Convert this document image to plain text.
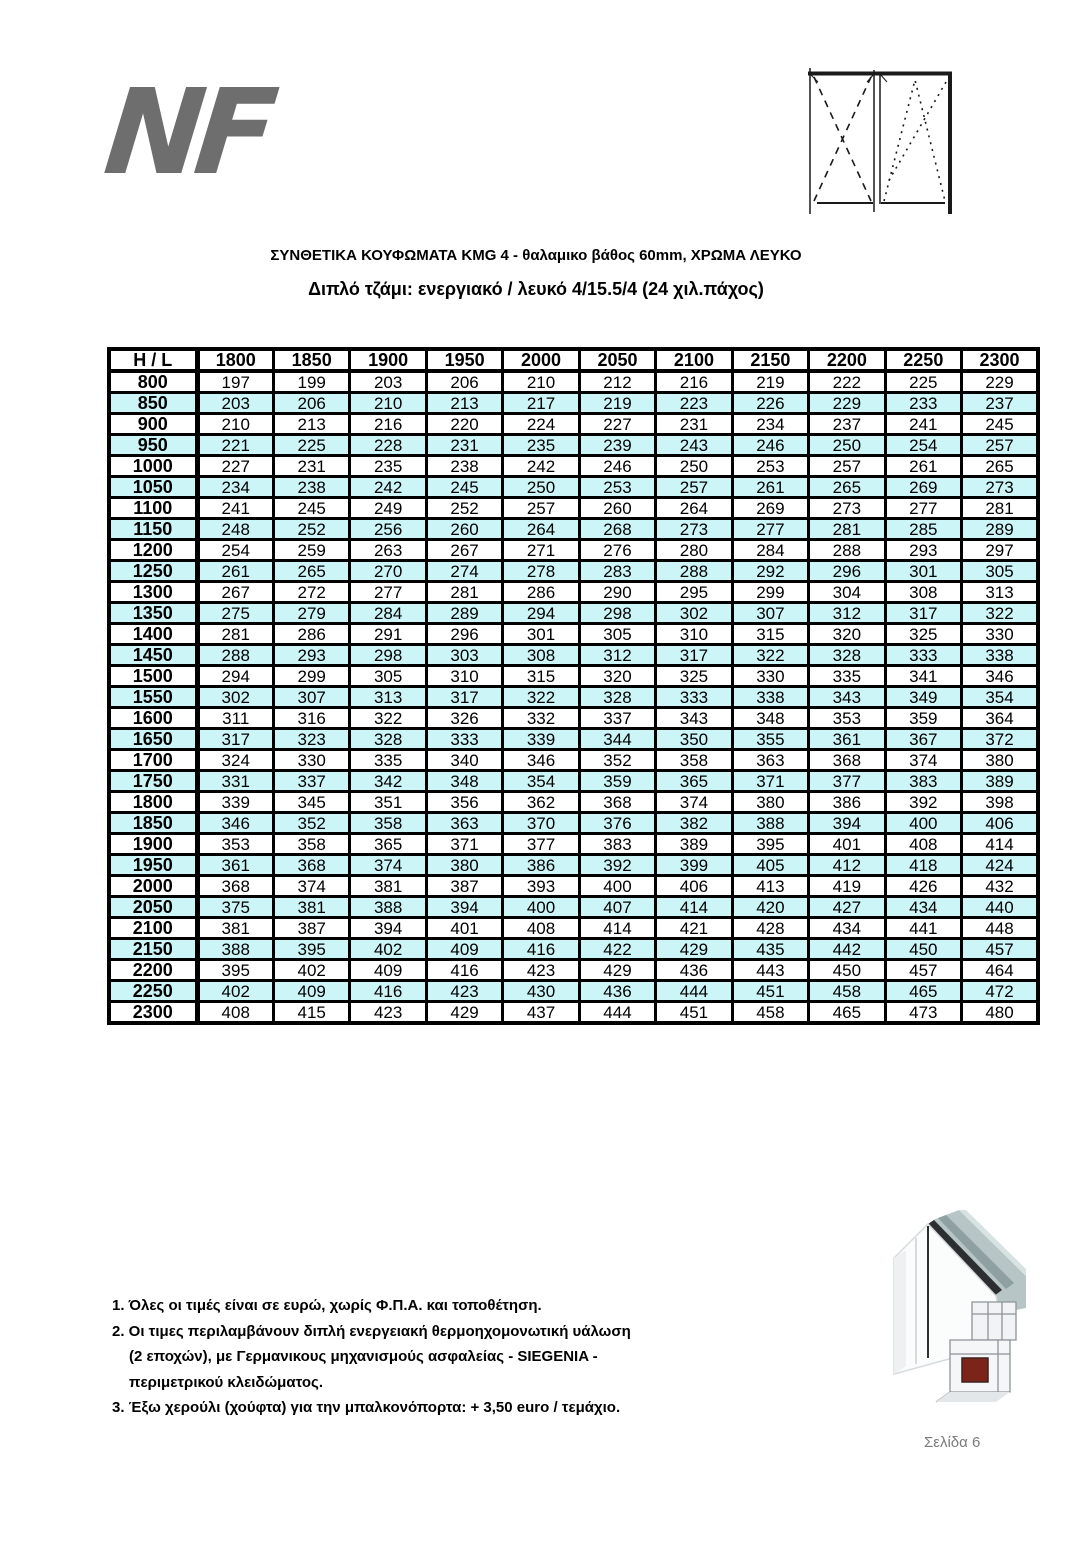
NF
ΣΥΝΘΕΤΙΚΑ ΚΟΥΦΩΜΑΤΑ KMG 4 - θαλαμικο βάθος 60mm, ΧΡΩΜΑ ΛΕΥΚΟ
Διπλό τζάμι: ενεργιακό / λευκό 4/15.5/4 (24 χιλ.πάχος)
H / L	1800	1850	1900	1950	2000	2050	2100	2150	2200	2250	2300
800	197	199	203	206	210	212	216	219	222	225	229
850	203	206	210	213	217	219	223	226	229	233	237
900	210	213	216	220	224	227	231	234	237	241	245
950	221	225	228	231	235	239	243	246	250	254	257
1000	227	231	235	238	242	246	250	253	257	261	265
1050	234	238	242	245	250	253	257	261	265	269	273
1100	241	245	249	252	257	260	264	269	273	277	281
1150	248	252	256	260	264	268	273	277	281	285	289
1200	254	259	263	267	271	276	280	284	288	293	297
1250	261	265	270	274	278	283	288	292	296	301	305
1300	267	272	277	281	286	290	295	299	304	308	313
1350	275	279	284	289	294	298	302	307	312	317	322
1400	281	286	291	296	301	305	310	315	320	325	330
1450	288	293	298	303	308	312	317	322	328	333	338
1500	294	299	305	310	315	320	325	330	335	341	346
1550	302	307	313	317	322	328	333	338	343	349	354
1600	311	316	322	326	332	337	343	348	353	359	364
1650	317	323	328	333	339	344	350	355	361	367	372
1700	324	330	335	340	346	352	358	363	368	374	380
1750	331	337	342	348	354	359	365	371	377	383	389
1800	339	345	351	356	362	368	374	380	386	392	398
1850	346	352	358	363	370	376	382	388	394	400	406
1900	353	358	365	371	377	383	389	395	401	408	414
1950	361	368	374	380	386	392	399	405	412	418	424
2000	368	374	381	387	393	400	406	413	419	426	432
2050	375	381	388	394	400	407	414	420	427	434	440
2100	381	387	394	401	408	414	421	428	434	441	448
2150	388	395	402	409	416	422	429	435	442	450	457
2200	395	402	409	416	423	429	436	443	450	457	464
2250	402	409	416	423	430	436	444	451	458	465	472
2300	408	415	423	429	437	444	451	458	465	473	480
1. Όλες οι τιμές είναι σε ευρώ, χωρίς Φ.Π.Α. και τοποθέτηση.
2. Οι τιμες περιλαμβάνουν διπλή ενεργειακή θερμοηχομονωτική υάλωση
(2 εποχών), με Γερμανικους μηχανισμούς ασφαλείας - SIEGENIA -
περιμετρικού κλειδώματος.
3. Έξω χερούλι (χούφτα) για την μπαλκονόπορτα: + 3,50 euro / τεμάχιο.
Σελίδα 6
